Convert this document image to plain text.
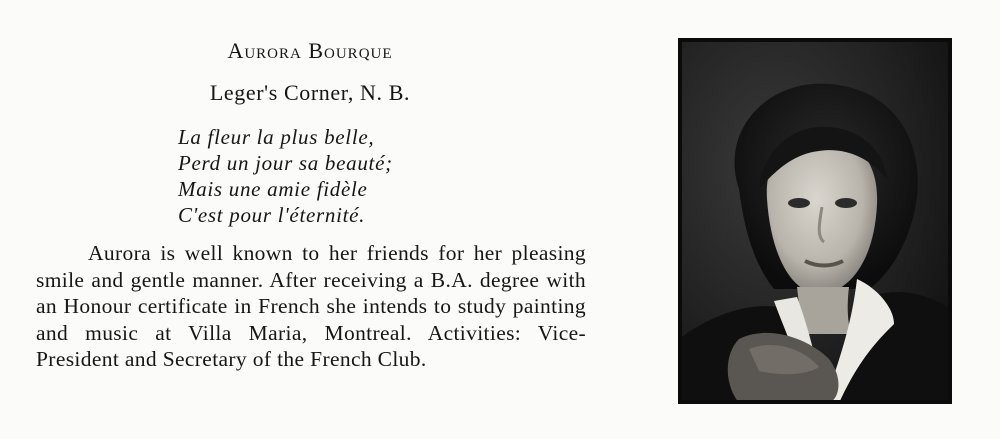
Aurora Bourque
Leger's Corner, N. B.
La fleur la plus belle,
Perd un jour sa beauté;
Mais une amie fidèle
C'est pour l'éternité.

Aurora is well known to her friends for her pleasing smile and gentle manner. After receiving a B.A. degree with an Honour certificate in French she intends to study painting and music at Villa Maria, Montreal. Activities: Vice-President and Secretary of the French Club.
